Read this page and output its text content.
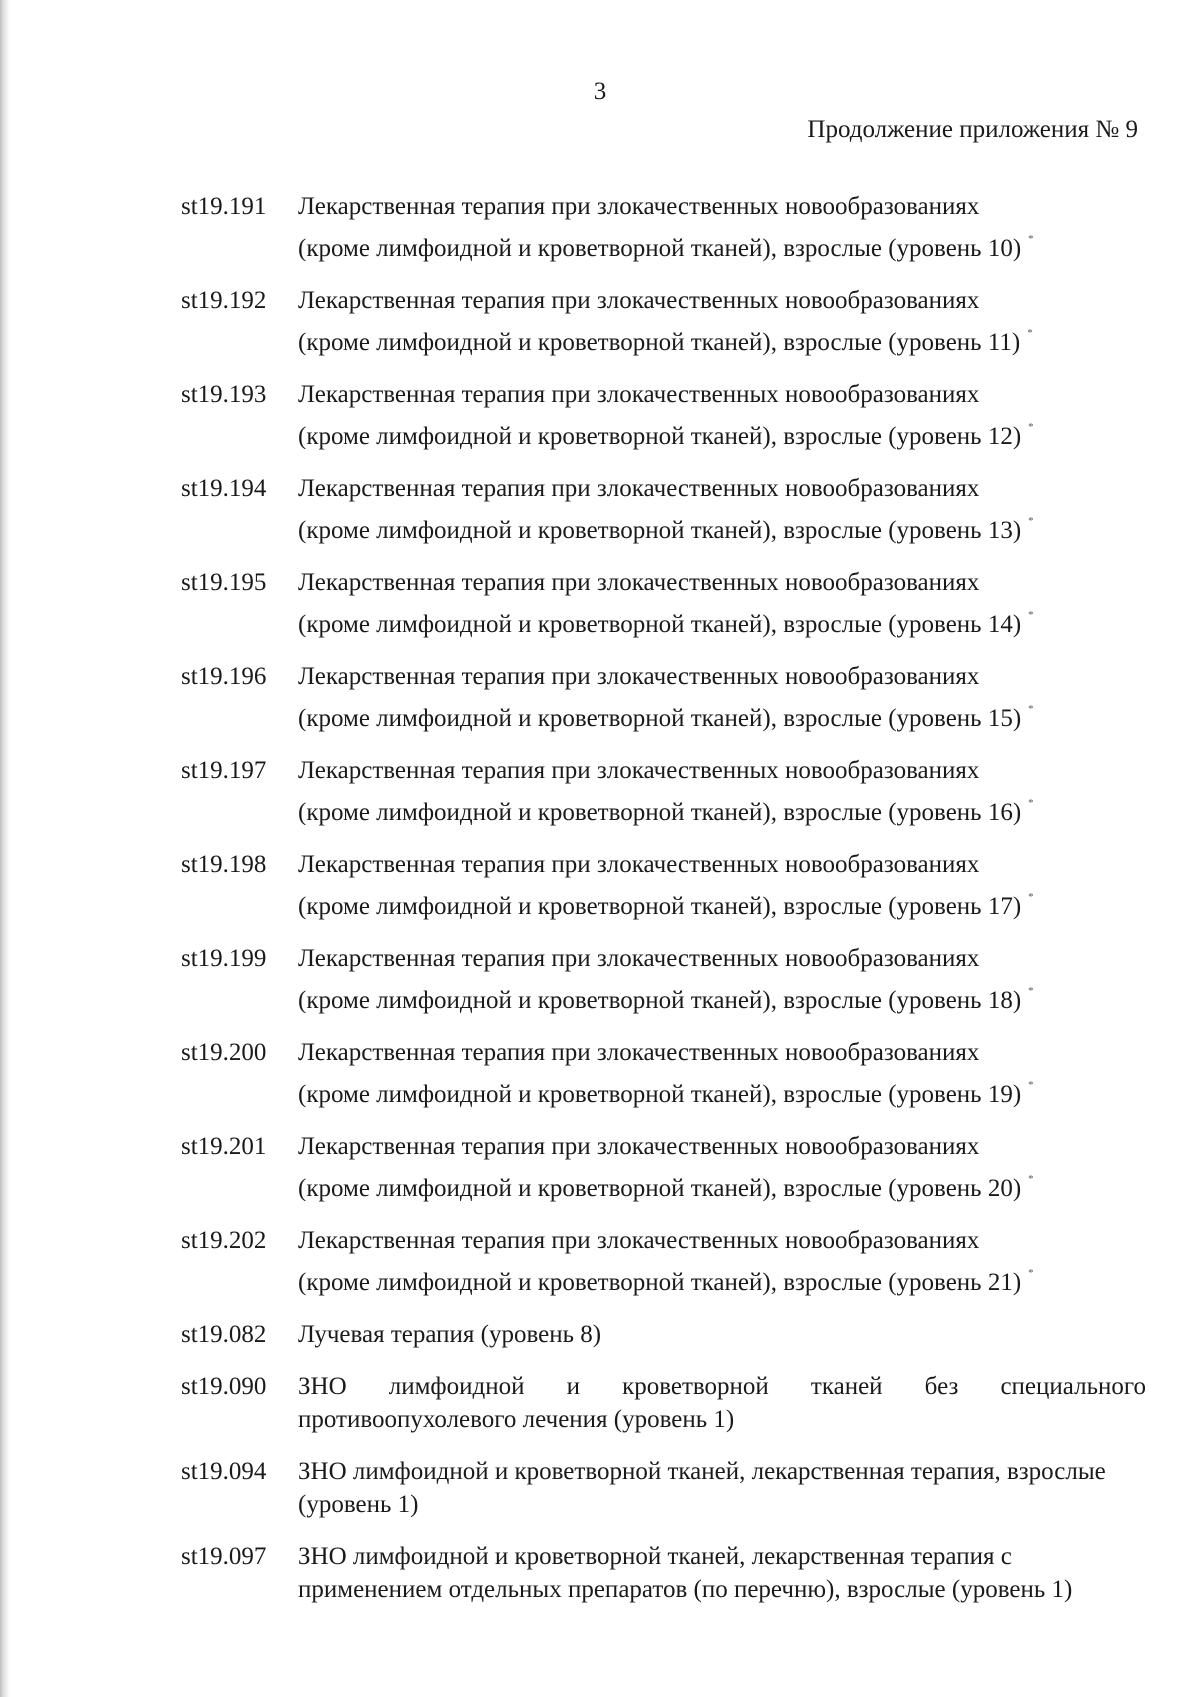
3
Продолжение приложения № 9
st19.191	Лекарственная терапия при злокачественных новообразованиях
(кроме лимфоидной и кроветворной тканей), взрослые (уровень 10) *
st19.192	Лекарственная терапия при злокачественных новообразованиях
(кроме лимфоидной и кроветворной тканей), взрослые (уровень 11) *
st19.193	Лекарственная терапия при злокачественных новообразованиях
(кроме лимфоидной и кроветворной тканей), взрослые (уровень 12) *
st19.194	Лекарственная терапия при злокачественных новообразованиях
(кроме лимфоидной и кроветворной тканей), взрослые (уровень 13) *
st19.195	Лекарственная терапия при злокачественных новообразованиях
(кроме лимфоидной и кроветворной тканей), взрослые (уровень 14) *
st19.196	Лекарственная терапия при злокачественных новообразованиях
(кроме лимфоидной и кроветворной тканей), взрослые (уровень 15) *
st19.197	Лекарственная терапия при злокачественных новообразованиях
(кроме лимфоидной и кроветворной тканей), взрослые (уровень 16) *
st19.198	Лекарственная терапия при злокачественных новообразованиях
(кроме лимфоидной и кроветворной тканей), взрослые (уровень 17) *
st19.199	Лекарственная терапия при злокачественных новообразованиях
(кроме лимфоидной и кроветворной тканей), взрослые (уровень 18) *
st19.200	Лекарственная терапия при злокачественных новообразованиях
(кроме лимфоидной и кроветворной тканей), взрослые (уровень 19) *
st19.201	Лекарственная терапия при злокачественных новообразованиях
(кроме лимфоидной и кроветворной тканей), взрослые (уровень 20) *
st19.202	Лекарственная терапия при злокачественных новообразованиях
(кроме лимфоидной и кроветворной тканей), взрослые (уровень 21) *
st19.082	Лучевая терапия (уровень 8)
st19.090	ЗНО лимфоидной и кроветворной тканей без специального противоопухолевого лечения (уровень 1)
st19.094	ЗНО лимфоидной и кроветворной тканей, лекарственная терапия, взрослые (уровень 1)
st19.097	ЗНО лимфоидной и кроветворной тканей, лекарственная терапия с применением отдельных препаратов (по перечню), взрослые (уровень 1)
